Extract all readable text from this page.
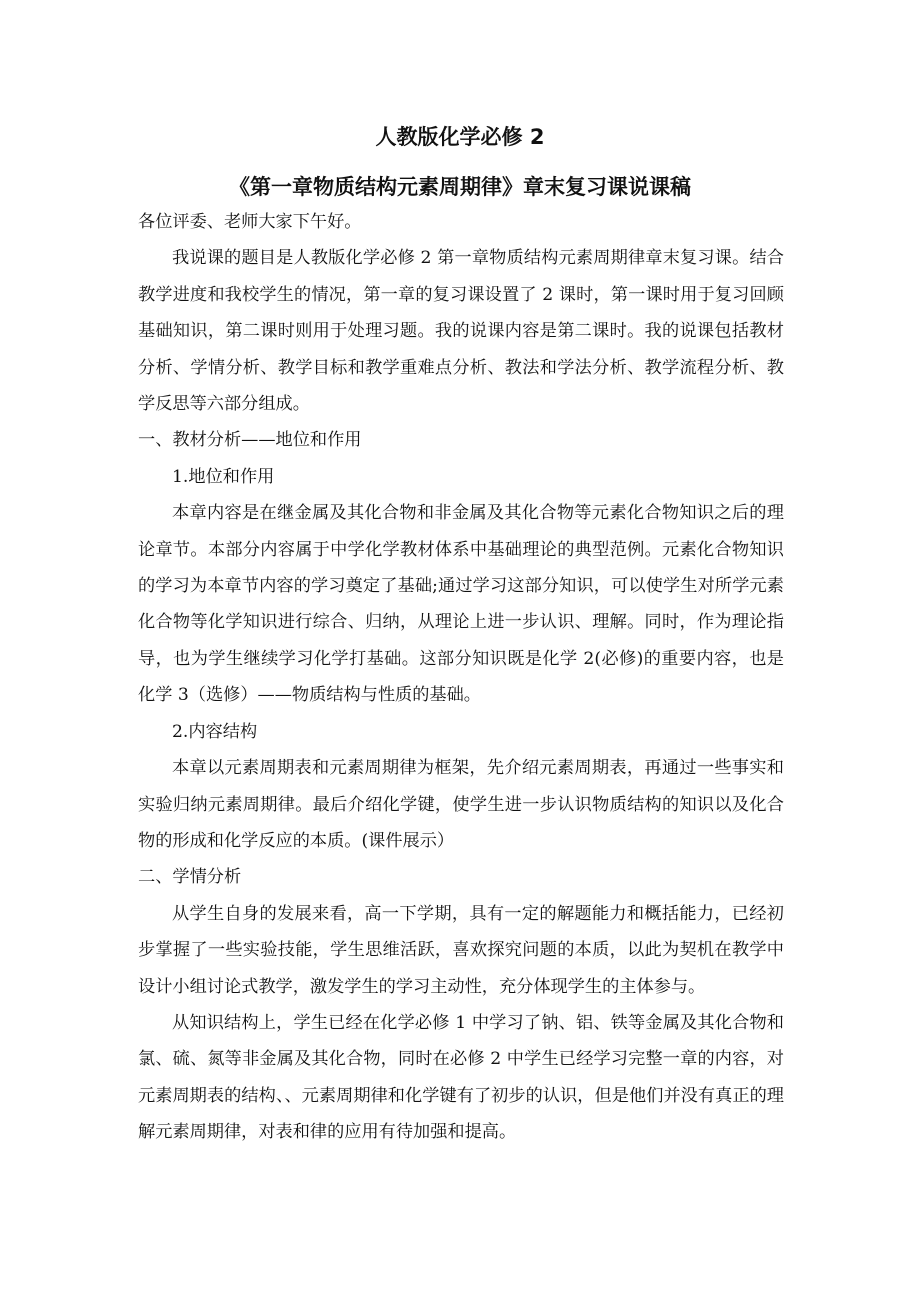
人教版化学必修 2
《第一章物质结构元素周期律》章末复习课说课稿

各位评委、老师大家下午好。

我说课的题目是人教版化学必修 2 第一章物质结构元素周期律章末复习课。结合教学进度和我校学生的情况，第一章的复习课设置了 2 课时，第一课时用于复习回顾基础知识，第二课时则用于处理习题。我的说课内容是第二课时。我的说课包括教材分析、学情分析、教学目标和教学重难点分析、教法和学法分析、教学流程分析、教学反思等六部分组成。

一、教材分析——地位和作用

1.地位和作用

本章内容是在继金属及其化合物和非金属及其化合物等元素化合物知识之后的理论章节。本部分内容属于中学化学教材体系中基础理论的典型范例。元素化合物知识的学习为本章节内容的学习奠定了基础;通过学习这部分知识，可以使学生对所学元素化合物等化学知识进行综合、归纳，从理论上进一步认识、理解。同时，作为理论指导，也为学生继续学习化学打基础。这部分知识既是化学 2(必修)的重要内容，也是化学 3（选修）——物质结构与性质的基础。

2.内容结构

本章以元素周期表和元素周期律为框架，先介绍元素周期表，再通过一些事实和实验归纳元素周期律。最后介绍化学键，使学生进一步认识物质结构的知识以及化合物的形成和化学反应的本质。(课件展示）

二、学情分析

从学生自身的发展来看，高一下学期，具有一定的解题能力和概括能力，已经初步掌握了一些实验技能，学生思维活跃，喜欢探究问题的本质，以此为契机在教学中设计小组讨论式教学，激发学生的学习主动性，充分体现学生的主体参与。

从知识结构上，学生已经在化学必修 1 中学习了钠、铝、铁等金属及其化合物和氯、硫、氮等非金属及其化合物，同时在必修 2 中学生已经学习完整一章的内容，对元素周期表的结构、、元素周期律和化学键有了初步的认识，但是他们并没有真正的理解元素周期律，对表和律的应用有待加强和提高。
